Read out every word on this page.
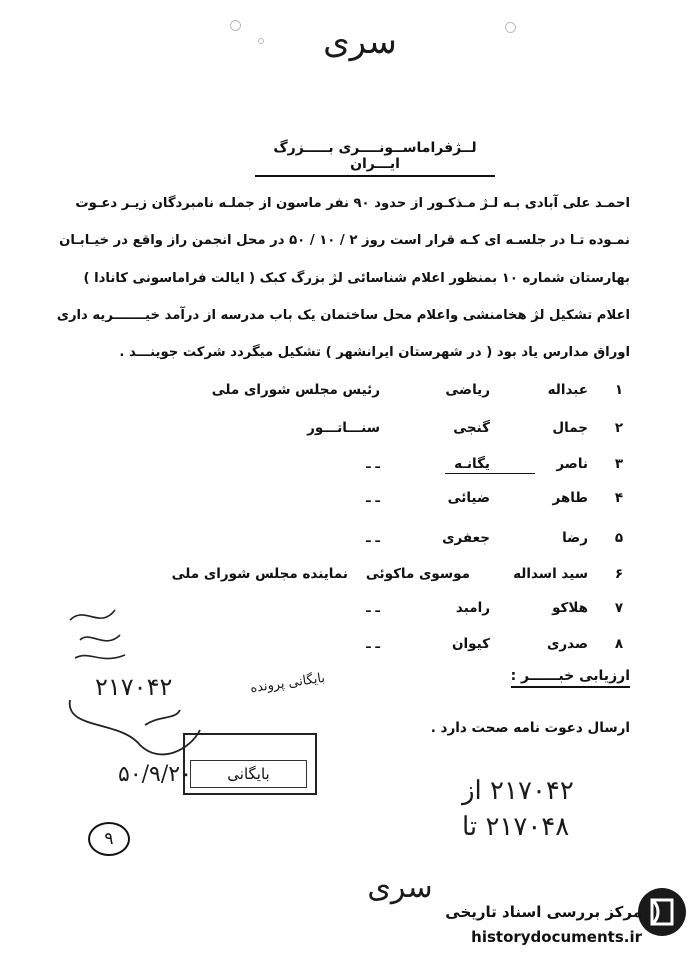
سری
لــژفراماســونــــری بـــــزرگ ایـــران
احمـد علی آبادی بـه لـژ مـذکـور از حدود ۹۰ نفر ماسون از جملـه نامبردگان زیـر دعـوت
نمـوده تـا در جلسـه ای کـه قرار است روز ۲ / ۱۰ / ۵۰ در محل انجمن راز واقع در خیـابـان
بهارستان شماره ۱۰ بمنظور اعلام شناسائی لژ بزرگ کبک ( ایالت فراماسونی کانادا )
اعلام تشکیل لژ هخامنشی واعلام محل ساختمان یک باب مدرسه از درآمد خیـــــــریه داری
اوراق مدارس یاد بود ( در شهرستان ایرانشهر ) تشکیل میگردد شرکت جوینـــد .
۱
عبداله
ریاضی
رئیس مجلس شورای ملی
۲
جمال
گنجی
سنـــاتـــور
۳
ناصر
یگانـه
ـ ـ
۴
طاهر
ضیائی
ـ ـ
۵
رضا
جعفری
ـ ـ
۶
سید اسداله
موسوی ماکوئی
نماینده مجلس شورای ملی
۷
هلاکو
رامبد
ـ ـ
۸
صدری
کیوان
ـ ـ
ارزیابی خبــــــر :
ارسال دعوت نامه صحت دارد .
بایگانی پرونده
۲۱۷۰۴۲
۵۰/۹/۲۰	بایگانی
۹
۲۱۷۰۴۲ از
۲۱۷۰۴۸ تا
سری
مرکز بررسی اسناد تاریخی
historydocuments.ir
